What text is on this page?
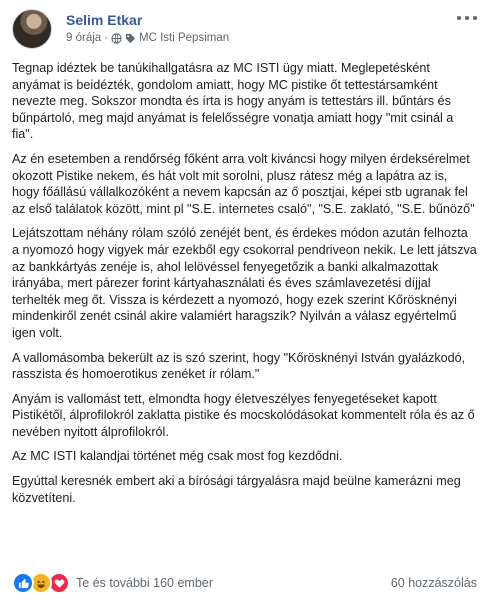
Selim Etkar
9 órája ·	MC Isti Pepsiman

Tegnap idéztek be tanúkihallgatásra az MC ISTI ügy miatt. Meglepetésként anyámat is beidézték, gondolom amiatt, hogy MC pistike őt tettestársamként nevezte meg. Sokszor mondta és írta is hogy anyám is tettestárs ill. bűntárs és bűnpártoló, meg majd anyámat is felelősségre vonatja amiatt hogy "mit csinál a fia".

Az én esetemben a rendőrség főként arra volt kiváncsi hogy milyen érdeksérelmet okozott Pistike nekem, és hát volt mit sorolni, plusz rátesz még a lapátra az is, hogy főállású vállalkozóként a nevem kapcsán az ő posztjai, képei stb ugranak fel az első találatok között, mint pl "S.E. internetes csaló", "S.E. zaklató, "S.E. bűnöző"

Lejátszottam néhány rólam szóló zenéjét bent, és érdekes módon azután felhozta a nyomozó hogy vigyek már ezekből egy csokorral pendriveon nekik. Le lett játszva az bankkártyás zenéje is, ahol lelövéssel fenyegetőzik a banki alkalmazottak irányába, mert párezer forint kártyahasználati és éves számlavezetési díjjal terhelték meg őt. Vissza is kérdezett a nyomozó, hogy ezek szerint Kőrösknényi mindenkiről zenét csinál akire valamiért haragszik? Nyilván a válasz egyértelmű igen volt.

A vallomásomba bekerült az is szó szerint, hogy "Kőrösknényi István gyalázkodó, rasszista és homoerotikus zenéket ír rólam."

Anyám is vallomást tett, elmondta hogy életveszélyes fenyegetéseket kapott Pistikétől, álprofilokról zaklatta pistike és mocskolódásokat kommentelt róla és az ő nevében nyitott álprofilokról.

Az MC ISTI kalandjai történet még csak most fog kezdődni.

Egyúttal keresnék embert aki a bírósági tárgyalásra majd beülne kamerázni meg közvetíteni.

Te és további 160 ember	60 hozzászólás
